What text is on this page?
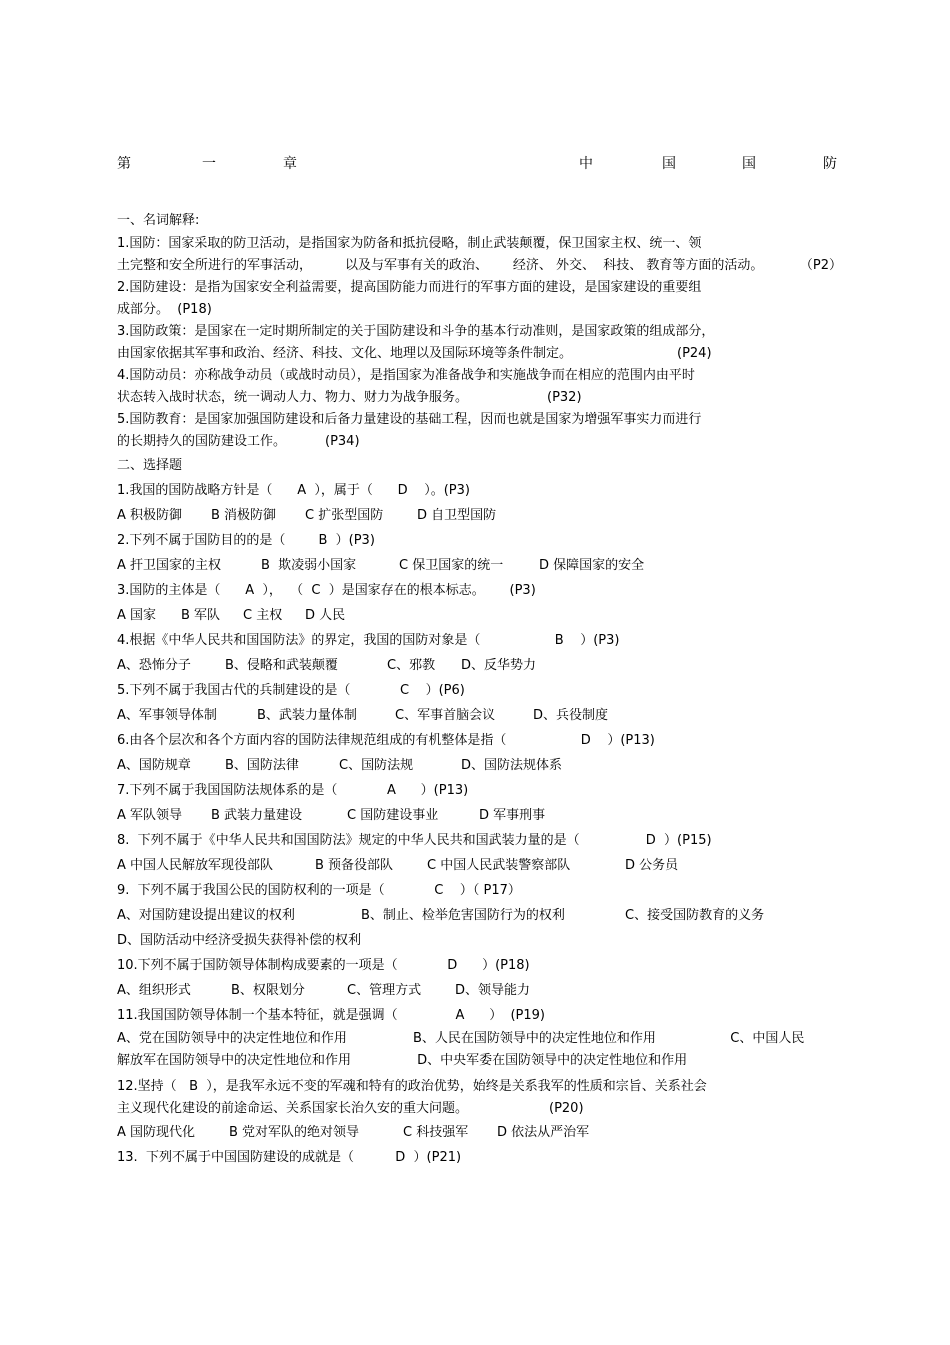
第	一	章	中	国	国	防
一、名词解释:
1.国防：国家采取的防卫活动，是指国家为防备和抵抗侵略，制止武装颠覆，保卫国家主权、统一、领

土完整和安全所进行的军事活动，        以及与军事有关的政治、      经济、 外交、  科技、 教育等方面的活动。

	（P2）

2.国防建设：是指为国家安全利益需要，提高国防能力而进行的军事方面的建设，是国家建设的重要组
成部分。  (P18)
3.国防政策：是国家在一定时期所制定的关于国防建设和斗争的基本行动准则，是国家政策的组成部分，

由国家依据其军事和政治、经济、科技、文化、地理以及国际环境等条件制定。

	(P24)

4.国防动员：亦称战争动员（或战时动员），是指国家为准备战争和实施战争而在相应的范围内由平时

状态转入战时状态，统一调动人力、物力、财力为战争服务。

	(P32)

5.国防教育：是国家加强国防建设和后备力量建设的基础工程，因而也就是国家为增强军事实力而进行

的长期持久的国防建设工作。

	(P34)

二、选择题
1.我国的国防战略方针是（      A  ），属于（      D    ）。(P3)

A 积极防御

B 消极防御

C 扩张型国防

	D 自卫型国防

2.下列不属于国防目的的是（        B  ）(P3)

A 扞卫国家的主权

	B  欺凌弱小国家

	C 保卫国家的统一

	D 保障国家的安全

3.国防的主体是（      A  ），  （  C  ）是国家存在的根本标志。      (P3)

A 国家

B 军队

C 主权

D 人民

4.根据《中华人民共和国国防法》的界定，我国的国防对象是（                  B    ）(P3)

A、恐怖分子

	B、侵略和武装颠覆

	C、邪教

D、反华势力

5.下列不属于我国古代的兵制建设的是（            C    ）(P6)

A、军事领导体制

	B、武装力量体制

	C、军事首脑会议

	D、兵役制度

6.由各个层次和各个方面内容的国防法律规范组成的有机整体是指（                  D    ）(P13)

A、国防规章

	B、国防法律

	C、国防法规

	D、国防法规体系

7.下列不属于我国国防法规体系的是（            A      ）(P13)

A 军队领导

B 武装力量建设

	C 国防建设事业

	D 军事刑事

8.  下列不属于《中华人民共和国国防法》规定的中华人民共和国武装力量的是（                D  ）(P15)

A 中国人民解放军现役部队

	B 预备役部队

	C 中国人民武装警察部队

	D 公务员

9.  下列不属于我国公民的国防权利的一项是（            C    ）（ P17）

A、对国防建设提出建议的权利

	B、制止、检举危害国防行为的权利

	C、接受国防教育的义务

D、国防活动中经济受损失获得补偿的权利
10.下列不属于国防领导体制构成要素的一项是（            D      ）(P18)

A、组织形式

	B、权限划分

	C、管理方式

	D、领导能力

11.我国国防领导体制一个基本特征，就是强调（              A      ）  (P19)
A、党在国防领导中的决定性地位和作用                B、人民在国防领导中的决定性地位和作用                  C、中国人民
解放军在国防领导中的决定性地位和作用                D、中央军委在国防领导中的决定性地位和作用
12.坚持（   B  ），是我军永远不变的军魂和特有的政治优势，始终是关系我军的性质和宗旨、关系社会

主义现代化建设的前途命运、关系国家长治久安的重大问题。

	(P20)

A 国防现代化

	B 党对军队的绝对领导

	C 科技强军

D 依法从严治军

13.  下列不属于中国国防建设的成就是（          D  ）(P21)
